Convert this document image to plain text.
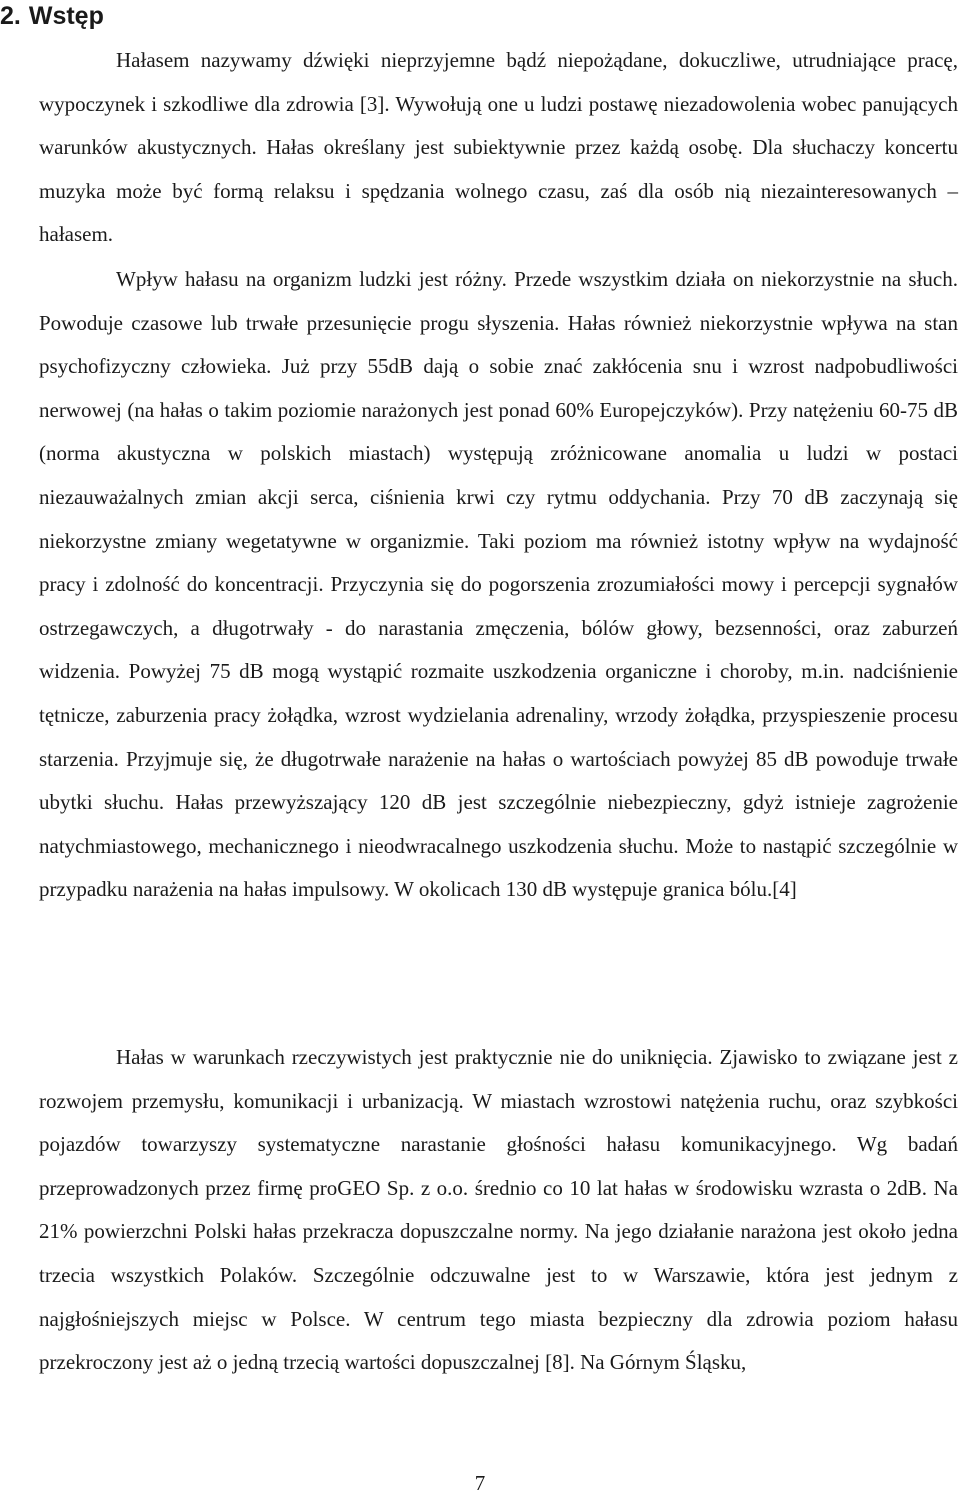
2. Wstęp

Hałasem nazywamy dźwięki nieprzyjemne bądź niepożądane, dokuczliwe, utrudniające pracę, wypoczynek i szkodliwe dla zdrowia [3]. Wywołują one u ludzi postawę niezadowolenia wobec panujących warunków akustycznych. Hałas określany jest subiektywnie przez każdą osobę. Dla słuchaczy koncertu muzyka może być formą relaksu i spędzania wolnego czasu, zaś dla osób nią niezainteresowanych – hałasem.

Wpływ hałasu na organizm ludzki jest różny. Przede wszystkim działa on niekorzystnie na słuch. Powoduje czasowe lub trwałe przesunięcie progu słyszenia. Hałas również niekorzystnie wpływa na stan psychofizyczny człowieka. Już przy 55dB dają o sobie znać zakłócenia snu i wzrost nadpobudliwości nerwowej (na hałas o takim poziomie narażonych jest ponad 60% Europejczyków). Przy natężeniu 60-75 dB (norma akustyczna w polskich miastach) występują zróżnicowane anomalia u ludzi w postaci niezauważalnych zmian akcji serca, ciśnienia krwi czy rytmu oddychania. Przy 70 dB zaczynają się niekorzystne zmiany wegetatywne w organizmie. Taki poziom ma również istotny wpływ na wydajność pracy i zdolność do koncentracji. Przyczynia się do pogorszenia zrozumiałości mowy i percepcji sygnałów ostrzegawczych, a długotrwały - do narastania zmęczenia, bólów głowy, bezsenności, oraz zaburzeń widzenia. Powyżej 75 dB mogą wystąpić rozmaite uszkodzenia organiczne i choroby, m.in. nadciśnienie tętnicze, zaburzenia pracy żołądka, wzrost wydzielania adrenaliny, wrzody żołądka, przyspieszenie procesu starzenia. Przyjmuje się, że długotrwałe narażenie na hałas o wartościach powyżej 85 dB powoduje trwałe ubytki słuchu. Hałas przewyższający 120 dB jest szczególnie niebezpieczny, gdyż istnieje zagrożenie natychmiastowego, mechanicznego i nieodwracalnego uszkodzenia słuchu. Może to nastąpić szczególnie w przypadku narażenia na hałas impulsowy. W okolicach 130 dB występuje granica bólu.[4]

Hałas w warunkach rzeczywistych jest praktycznie nie do uniknięcia. Zjawisko to związane jest z rozwojem przemysłu, komunikacji i urbanizacją. W miastach wzrostowi natężenia ruchu, oraz szybkości pojazdów towarzyszy systematyczne narastanie głośności hałasu komunikacyjnego. Wg badań przeprowadzonych przez firmę proGEO Sp. z o.o. średnio co 10 lat hałas w środowisku wzrasta o 2dB. Na 21% powierzchni Polski hałas przekracza dopuszczalne normy. Na jego działanie narażona jest około jedna trzecia wszystkich Polaków. Szczególnie odczuwalne jest to w Warszawie, która jest jednym z najgłośniejszych miejsc w Polsce. W centrum tego miasta bezpieczny dla zdrowia poziom hałasu przekroczony jest aż o jedną trzecią wartości dopuszczalnej [8]. Na Górnym Śląsku,

7
